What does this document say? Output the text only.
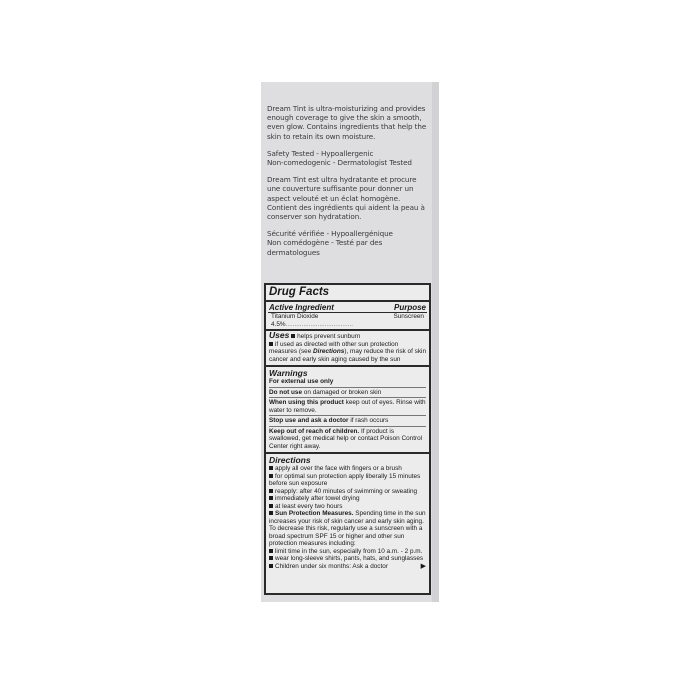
Dream Tint is ultra-moisturizing and provides enough coverage to give the skin a smooth, even glow. Contains ingredients that help the skin to retain its own moisture.

Safety Tested - Hypoallergenic
Non-comedogenic - Dermatologist Tested

Dream Tint est ultra hydratante et procure une couverture suffisante pour donner un aspect velouté et un éclat homogène. Contient des ingrédients qui aident la peau à conserver son hydratation.

Sécurité vérifiée - Hypoallergénique
Non comédogène - Testé par des dermatologues

Drug Facts
Active Ingredient	Purpose
Titanium Dioxide 4.5%......................................
Sunscreen

Uses helps prevent sunburn

if used as directed with other sun protection measures (see Directions), may reduce the risk of skin cancer and early skin aging caused by the sun

Warnings

For external use only

Do not use on damaged or broken skin

When using this product keep out of eyes. Rinse with water to remove.

Stop use and ask a doctor if rash occurs

Keep out of reach of children. If product is swallowed, get medical help or contact Poison Control Center right away.

Directions

apply all over the face with fingers or a brush

for optimal sun protection apply liberally 15 minutes before sun exposure

reapply: after 40 minutes of swimming or sweating

immediately after towel drying

at least every two hours

Sun Protection Measures. Spending time in the sun increases your risk of skin cancer and early skin aging. To decrease this risk, regularly use a sunscreen with a broad spectrum SPF 15 or higher and other sun protection measures including:

limit time in the sun, especially from 10 a.m. - 2 p.m.

wear long-sleeve shirts, pants, hats, and sunglasses

Children under six months: Ask a doctor	▶
